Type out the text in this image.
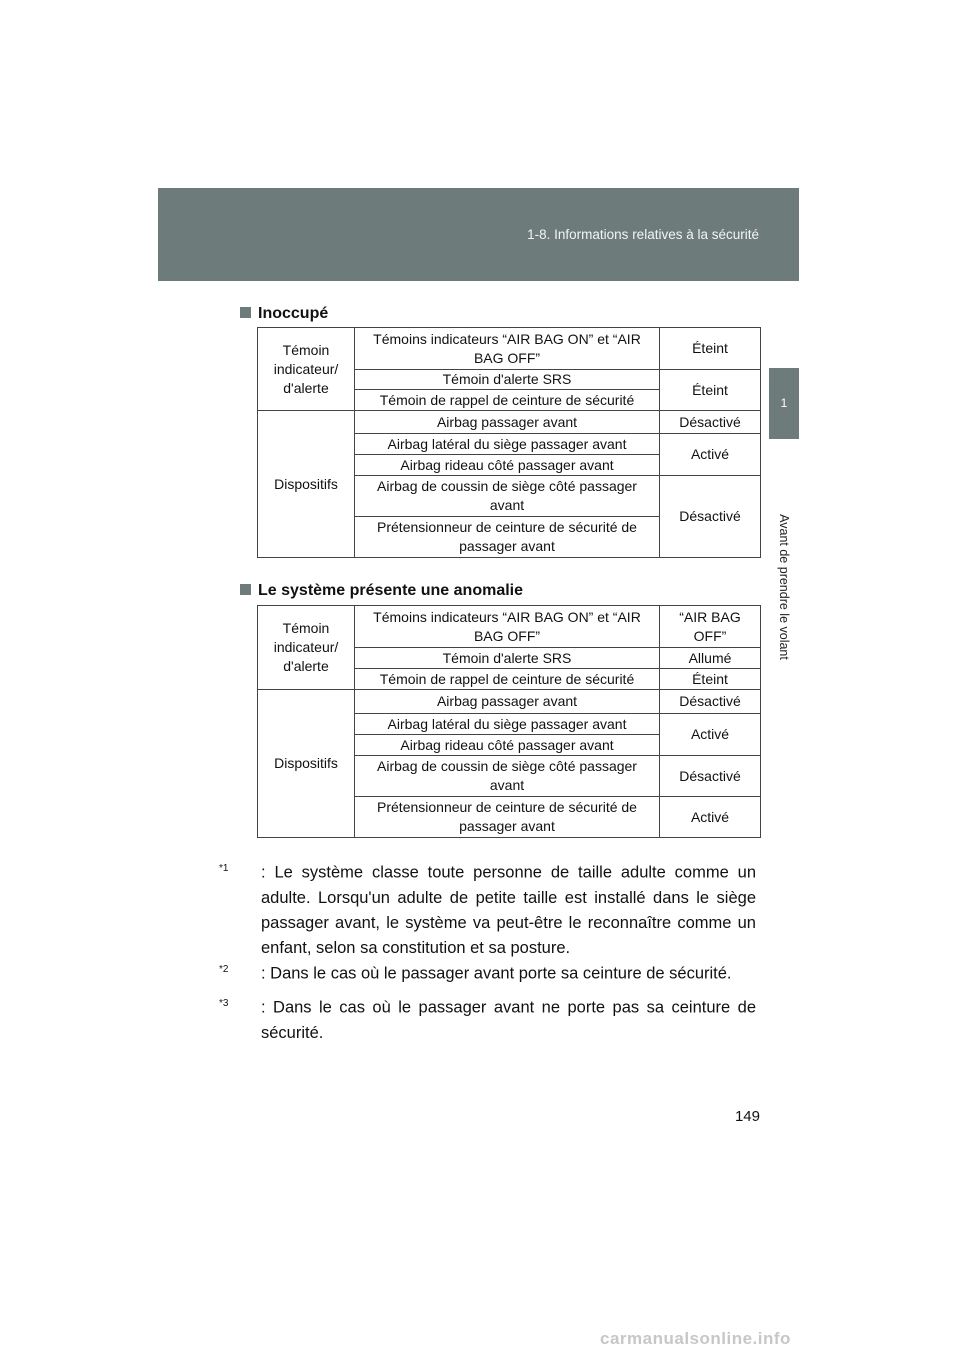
1-8. Informations relatives à la sécurité
1
Avant de prendre le volant
Inoccupé
Témoin indicateur/ d'alerte	Témoins indicateurs “AIR BAG ON” et “AIR BAG OFF”	Éteint
	Témoin d'alerte SRS	Éteint
	Témoin de rappel de ceinture de sécurité	
Dispositifs	Airbag passager avant	Désactivé
	Airbag latéral du siège passager avant	Activé
	Airbag rideau côté passager avant	
	Airbag de coussin de siège côté passager avant	Désactivé
	Prétensionneur de ceinture de sécurité de passager avant	
Le système présente une anomalie
Témoin indicateur/ d'alerte	Témoins indicateurs “AIR BAG ON” et “AIR BAG OFF”	“AIR BAG OFF”
	Témoin d'alerte SRS	Allumé
	Témoin de rappel de ceinture de sécurité	Éteint
Dispositifs	Airbag passager avant	Désactivé
	Airbag latéral du siège passager avant	Activé
	Airbag rideau côté passager avant	
	Airbag de coussin de siège côté passager avant	Désactivé
	Prétensionneur de ceinture de sécurité de passager avant	Activé
$^{*1}$ : Le système classe toute personne de taille adulte comme un adulte. Lorsqu'un adulte de petite taille est installé dans le siège passager avant, le système va peut-être le reconnaître comme un enfant, selon sa constitution et sa posture.
$^{*2}$ : Dans le cas où le passager avant porte sa ceinture de sécurité.
$^{*3}$ : Dans le cas où le passager avant ne porte pas sa ceinture de sécurité.
149
carmanualsonline.info
